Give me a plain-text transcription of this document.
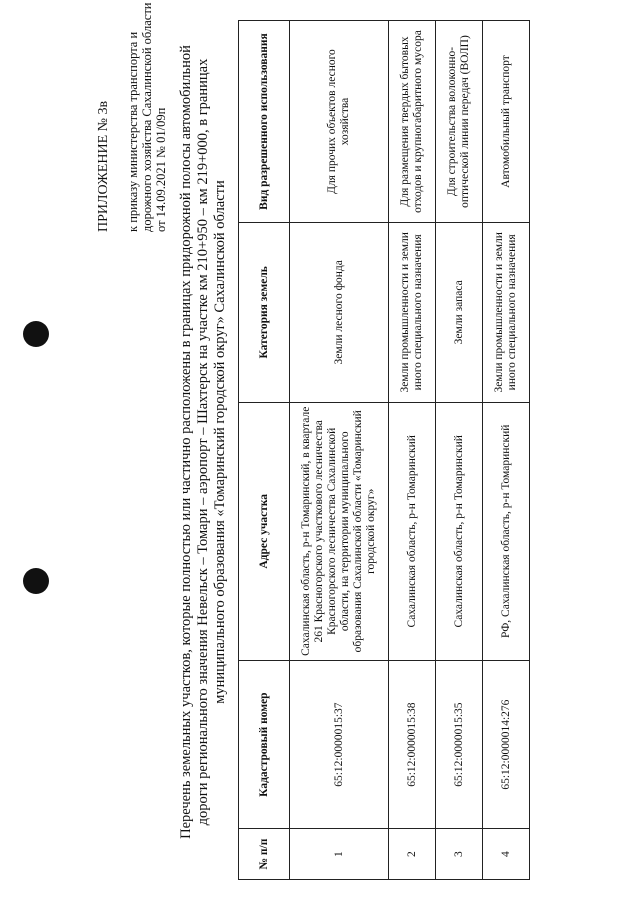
ПРИЛОЖЕНИЕ № 3в к приказу министерства транспорта и дорожного хозяйства Сахалинской области от 14.09.2021 № 01/09п Перечень земельных участков, которые полностью или частично расположены в границах придорожной полосы автомобильной дороги регионального значения Невельск – Томари – аэропорт – Шахтерск на участке км 210+950 – км 219+000, в границах муниципального образования «Томаринский городской округ» Сахалинской области
№ п/п	Кадастровый номер	Адрес участка	Категория земель	Вид разрешенного использования
1	65:12:0000015:37	Сахалинская область, р-н Томаринский, в квартале 261 Красногорского участкового лесничества Красногорского лесничества Сахалинской области, на территории муниципального образования Сахалинской области «Томаринский городской округ»	Земли лесного фонда	Для прочих объектов лесного хозяйства
2	65:12:0000015:38	Сахалинская область, р-н Томаринский	Земли промышленности и земли иного специального назначения	Для размещения твердых бытовых отходов и крупногабаритного мусора
3	65:12:0000015:35	Сахалинская область, р-н Томаринский	Земли запаса	Для строительства волоконно-оптической линии передач (ВОЛП)
4	65:12:0000014:276	РФ, Сахалинская область, р-н Томаринский	Земли промышленности и земли иного специального назначения	Автомобильный транспорт
